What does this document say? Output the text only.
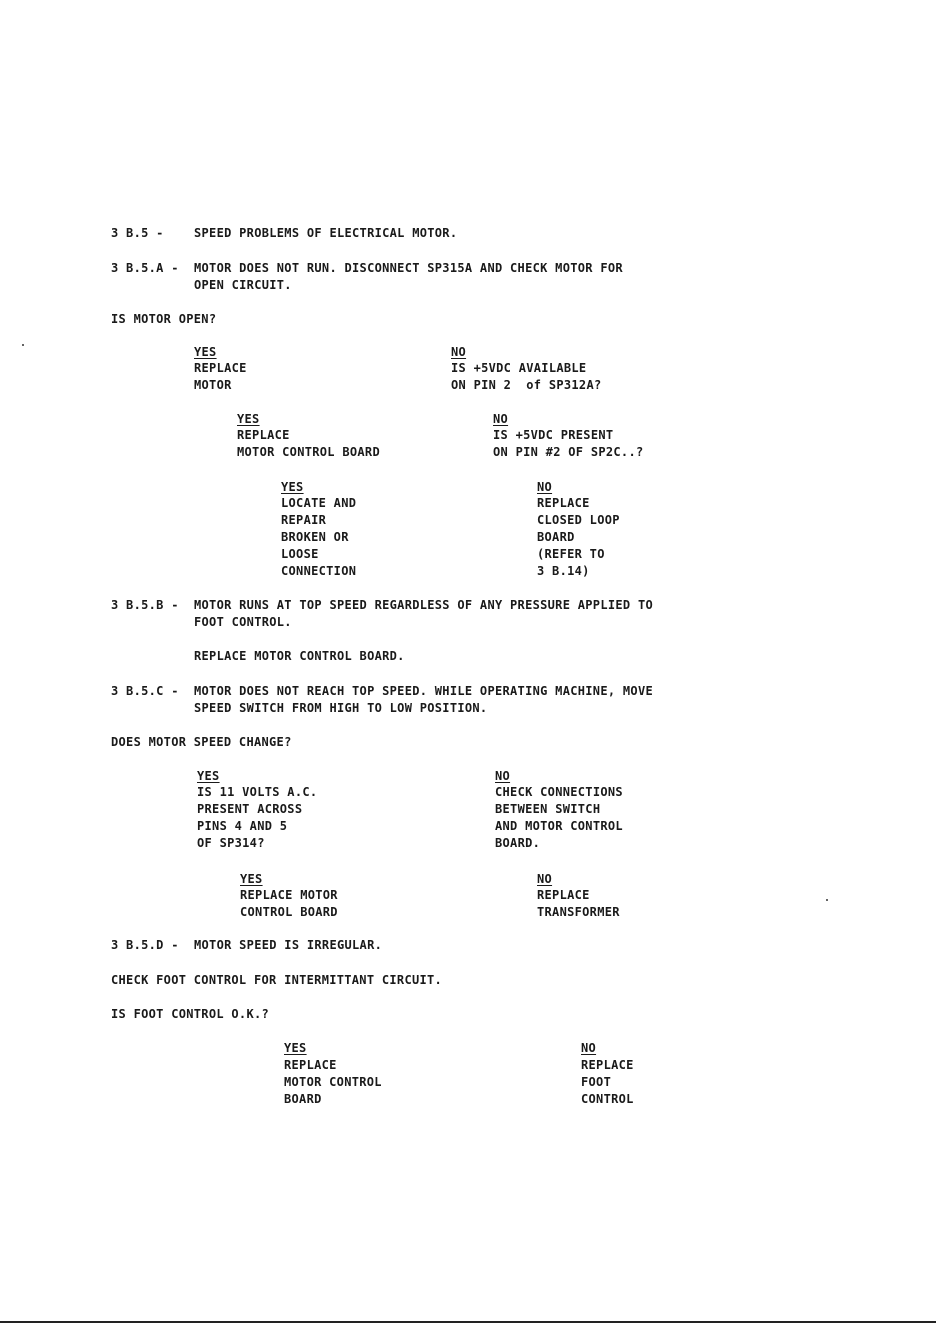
3 B.5 -	SPEED PROBLEMS OF ELECTRICAL MOTOR.
3 B.5.A - MOTOR DOES NOT RUN. DISCONNECT SP315A AND CHECK MOTOR FOR
OPEN CIRCUIT.
IS MOTOR OPEN?
YES
REPLACE
MOTOR
NO
IS +5VDC AVAILABLE
ON PIN 2  of SP312A?
YES
REPLACE
MOTOR CONTROL BOARD
NO
IS +5VDC PRESENT
ON PIN #2 OF SP2C..?
YES
LOCATE AND
REPAIR
BROKEN OR
LOOSE
CONNECTION
NO
REPLACE
CLOSED LOOP
BOARD
(REFER TO
3 B.14)
3 B.5.B - MOTOR RUNS AT TOP SPEED REGARDLESS OF ANY PRESSURE APPLIED TO
FOOT CONTROL.
REPLACE MOTOR CONTROL BOARD.
3 B.5.C - MOTOR DOES NOT REACH TOP SPEED. WHILE OPERATING MACHINE, MOVE
SPEED SWITCH FROM HIGH TO LOW POSITION.
DOES MOTOR SPEED CHANGE?
YES
IS 11 VOLTS A.C.
PRESENT ACROSS
PINS 4 AND 5
OF SP314?
NO
CHECK CONNECTIONS
BETWEEN SWITCH
AND MOTOR CONTROL
BOARD.
YES
REPLACE MOTOR
CONTROL BOARD
NO
REPLACE
TRANSFORMER
3 B.5.D - MOTOR SPEED IS IRREGULAR.
CHECK FOOT CONTROL FOR INTERMITTANT CIRCUIT.
IS FOOT CONTROL O.K.?
YES
REPLACE
MOTOR CONTROL
BOARD
NO
REPLACE
FOOT
CONTROL
